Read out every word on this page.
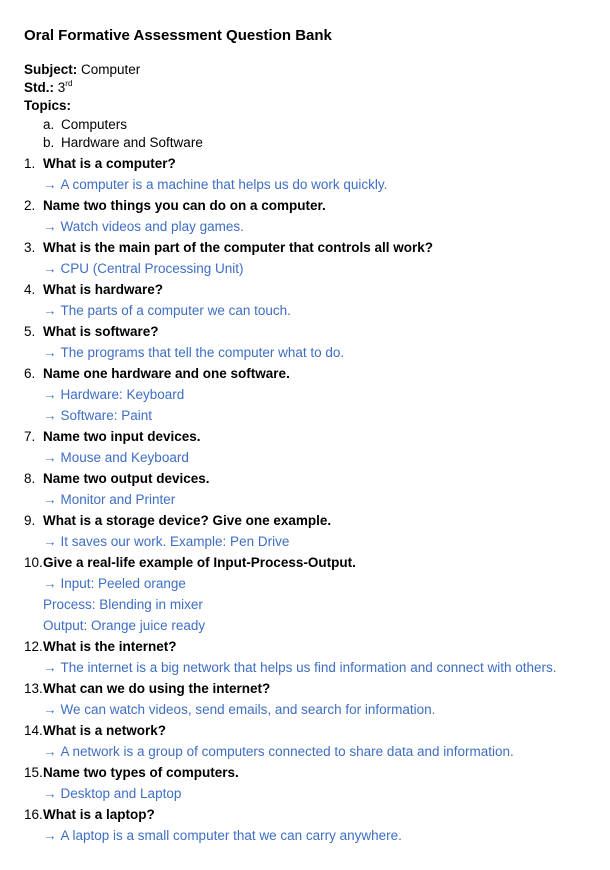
Oral Formative Assessment Question Bank
Subject: Computer
Std.: 3rd
Topics:
a. Computers
b. Hardware and Software
1. What is a computer?
→ A computer is a machine that helps us do work quickly.
2. Name two things you can do on a computer.
→ Watch videos and play games.
3. What is the main part of the computer that controls all work?
→ CPU (Central Processing Unit)
4. What is hardware?
→ The parts of a computer we can touch.
5. What is software?
→ The programs that tell the computer what to do.
6. Name one hardware and one software.
→ Hardware: Keyboard
→ Software: Paint
7. Name two input devices.
→ Mouse and Keyboard
8. Name two output devices.
→ Monitor and Printer
9. What is a storage device? Give one example.
→ It saves our work. Example: Pen Drive
10. Give a real-life example of Input-Process-Output.
→ Input: Peeled orange
Process: Blending in mixer
Output: Orange juice ready
12. What is the internet?
→ The internet is a big network that helps us find information and connect with others.
13. What can we do using the internet?
→ We can watch videos, send emails, and search for information.
14. What is a network?
→ A network is a group of computers connected to share data and information.
15. Name two types of computers.
→ Desktop and Laptop
16. What is a laptop?
→ A laptop is a small computer that we can carry anywhere.
